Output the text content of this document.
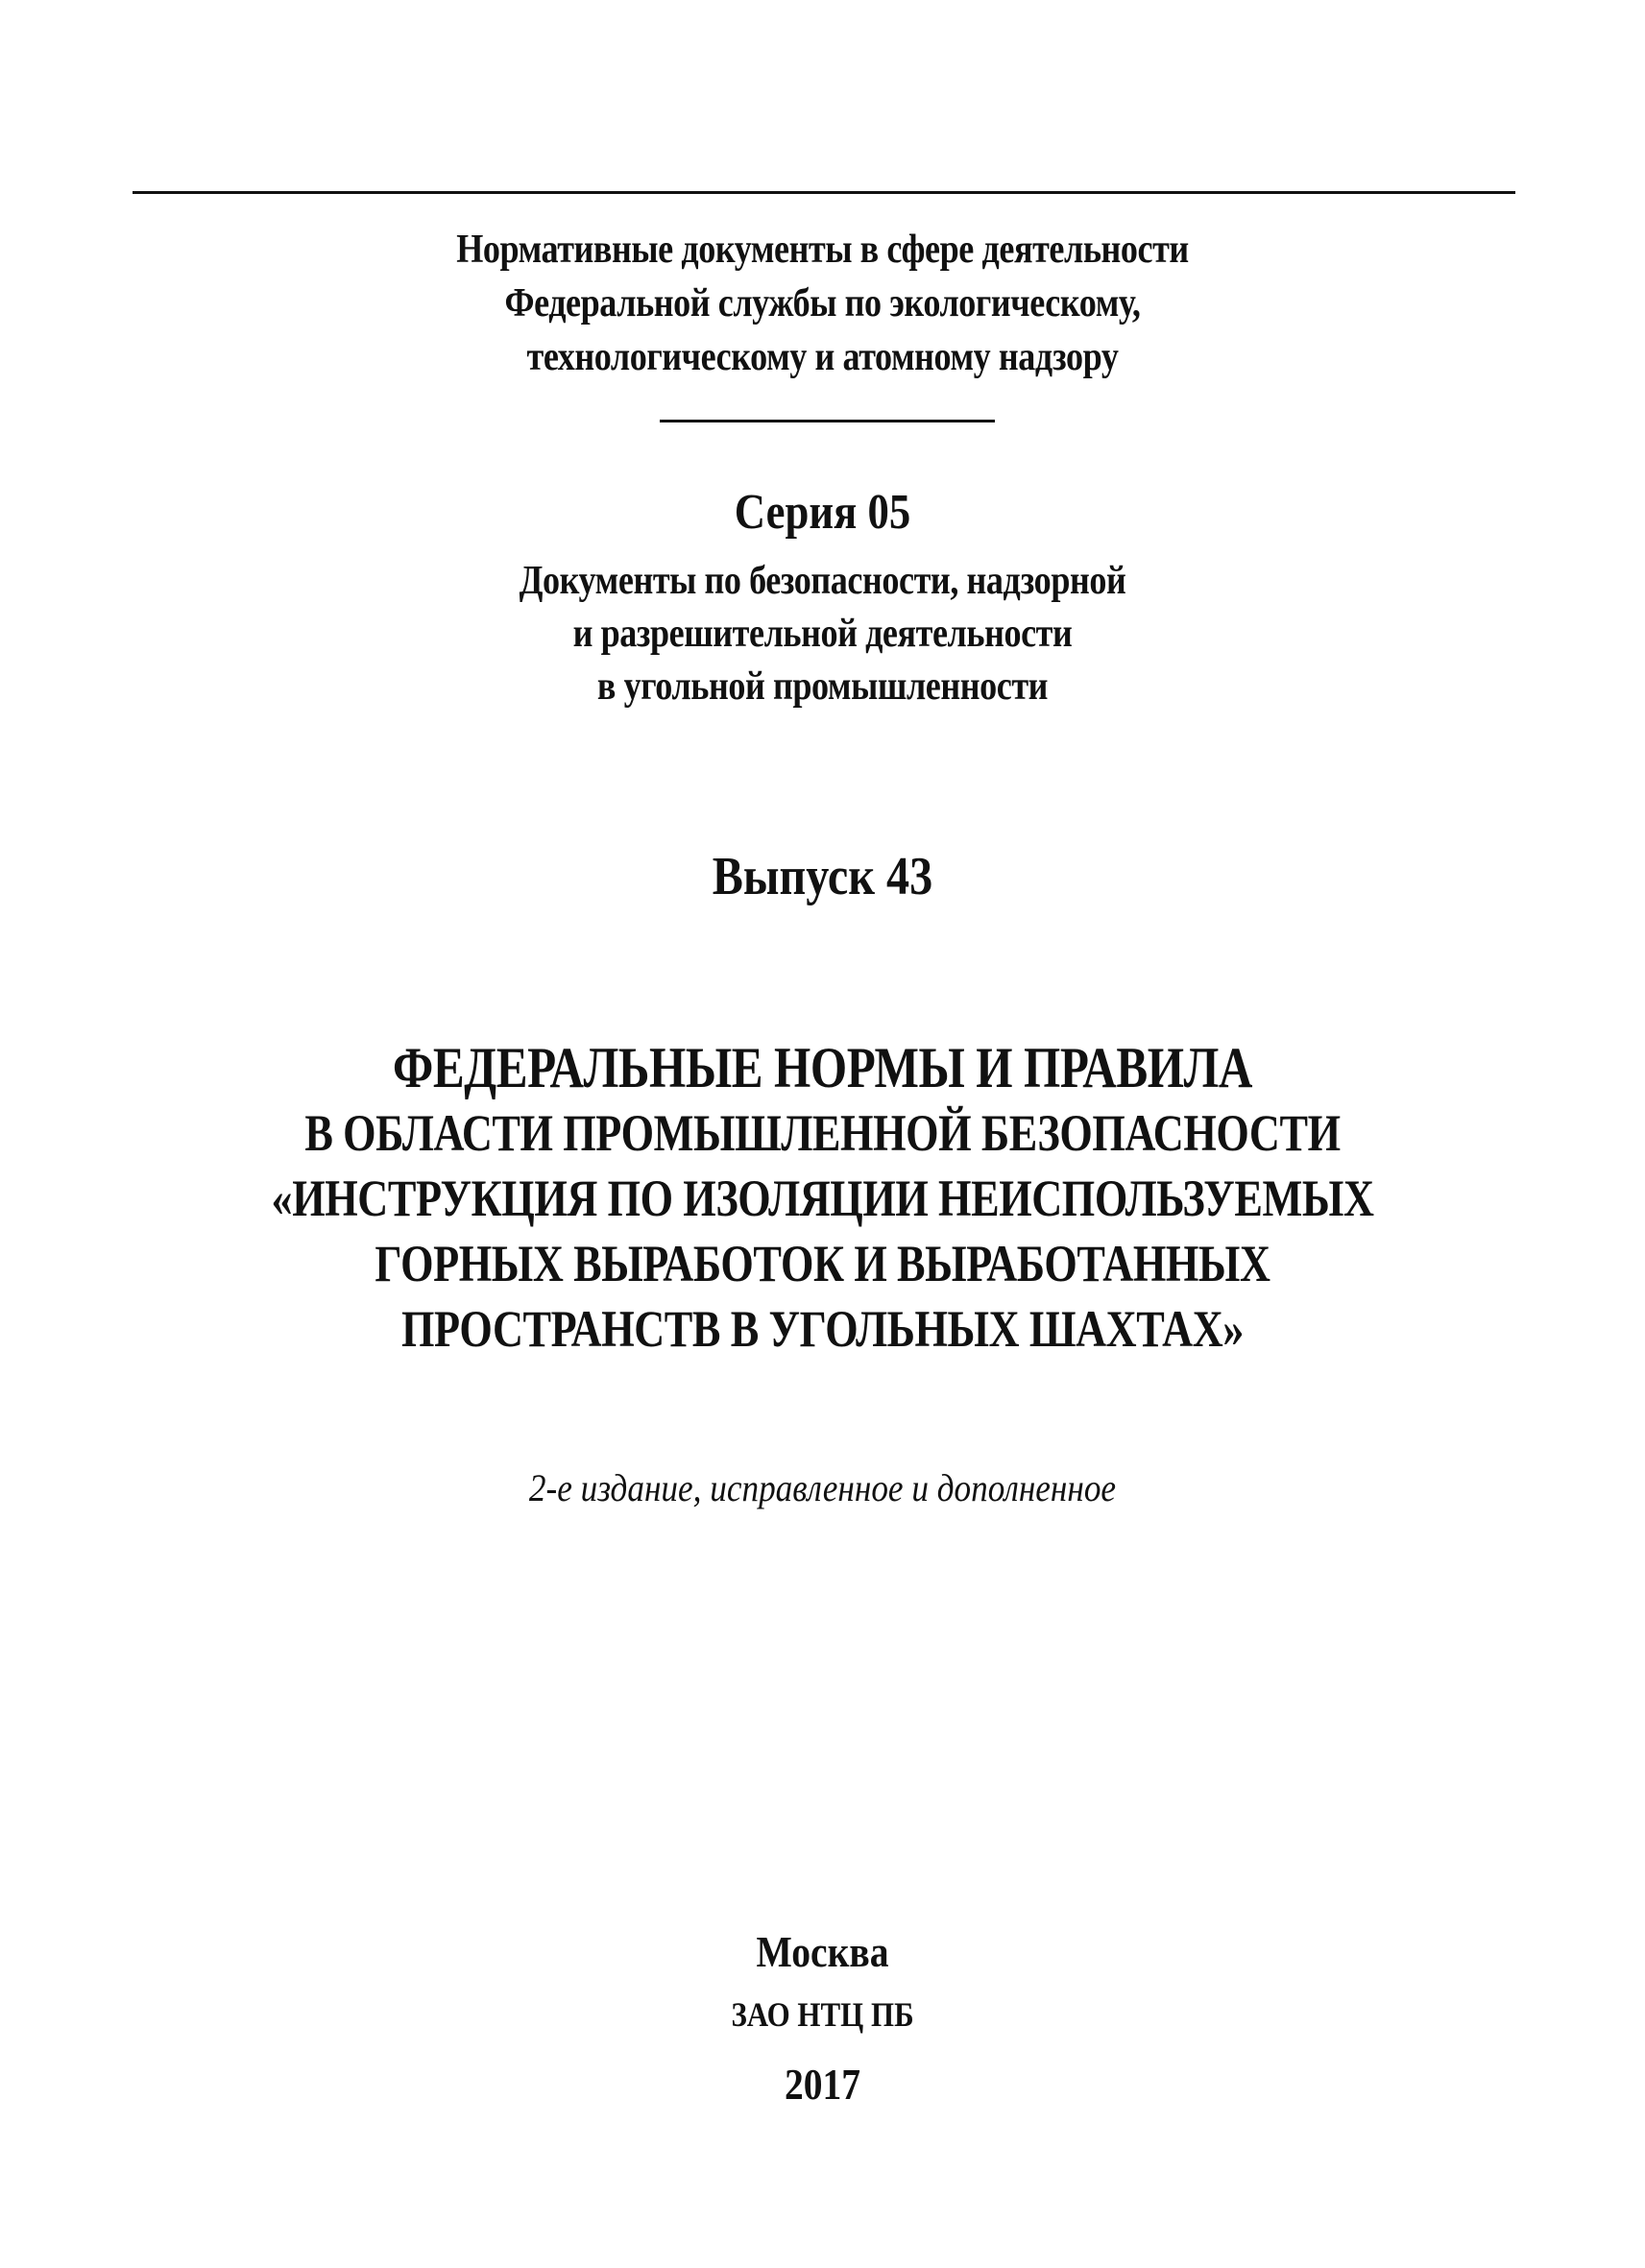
Нормативные документы в сфере деятельности
Федеральной службы по экологическому,
технологическому и атомному надзору
Серия 05
Документы по безопасности, надзорной
и разрешительной деятельности
в угольной промышленности
Выпуск 43
ФЕДЕРАЛЬНЫЕ НОРМЫ И ПРАВИЛА
В ОБЛАСТИ ПРОМЫШЛЕННОЙ БЕЗОПАСНОСТИ
«ИНСТРУКЦИЯ ПО ИЗОЛЯЦИИ НЕИСПОЛЬЗУЕМЫХ
ГОРНЫХ ВЫРАБОТОК И ВЫРАБОТАННЫХ
ПРОСТРАНСТВ В УГОЛЬНЫХ ШАХТАХ»
2-е издание, исправленное и дополненное
Москва
ЗАО НТЦ ПБ
2017
